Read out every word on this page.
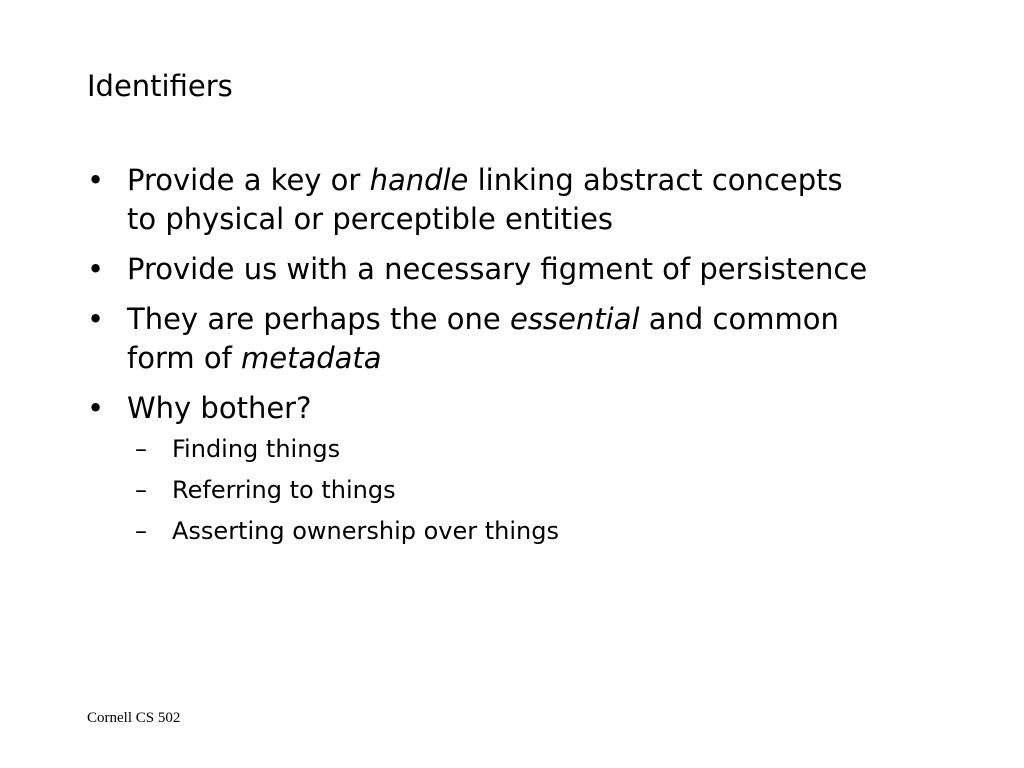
Identifiers
• Provide a key or handle linking abstract concepts
to physical or perceptible entities
• Provide us with a necessary figment of persistence
• They are perhaps the one essential and common
form of metadata
• Why bother?
– Finding things
– Referring to things
– Asserting ownership over things
Cornell CS 502
